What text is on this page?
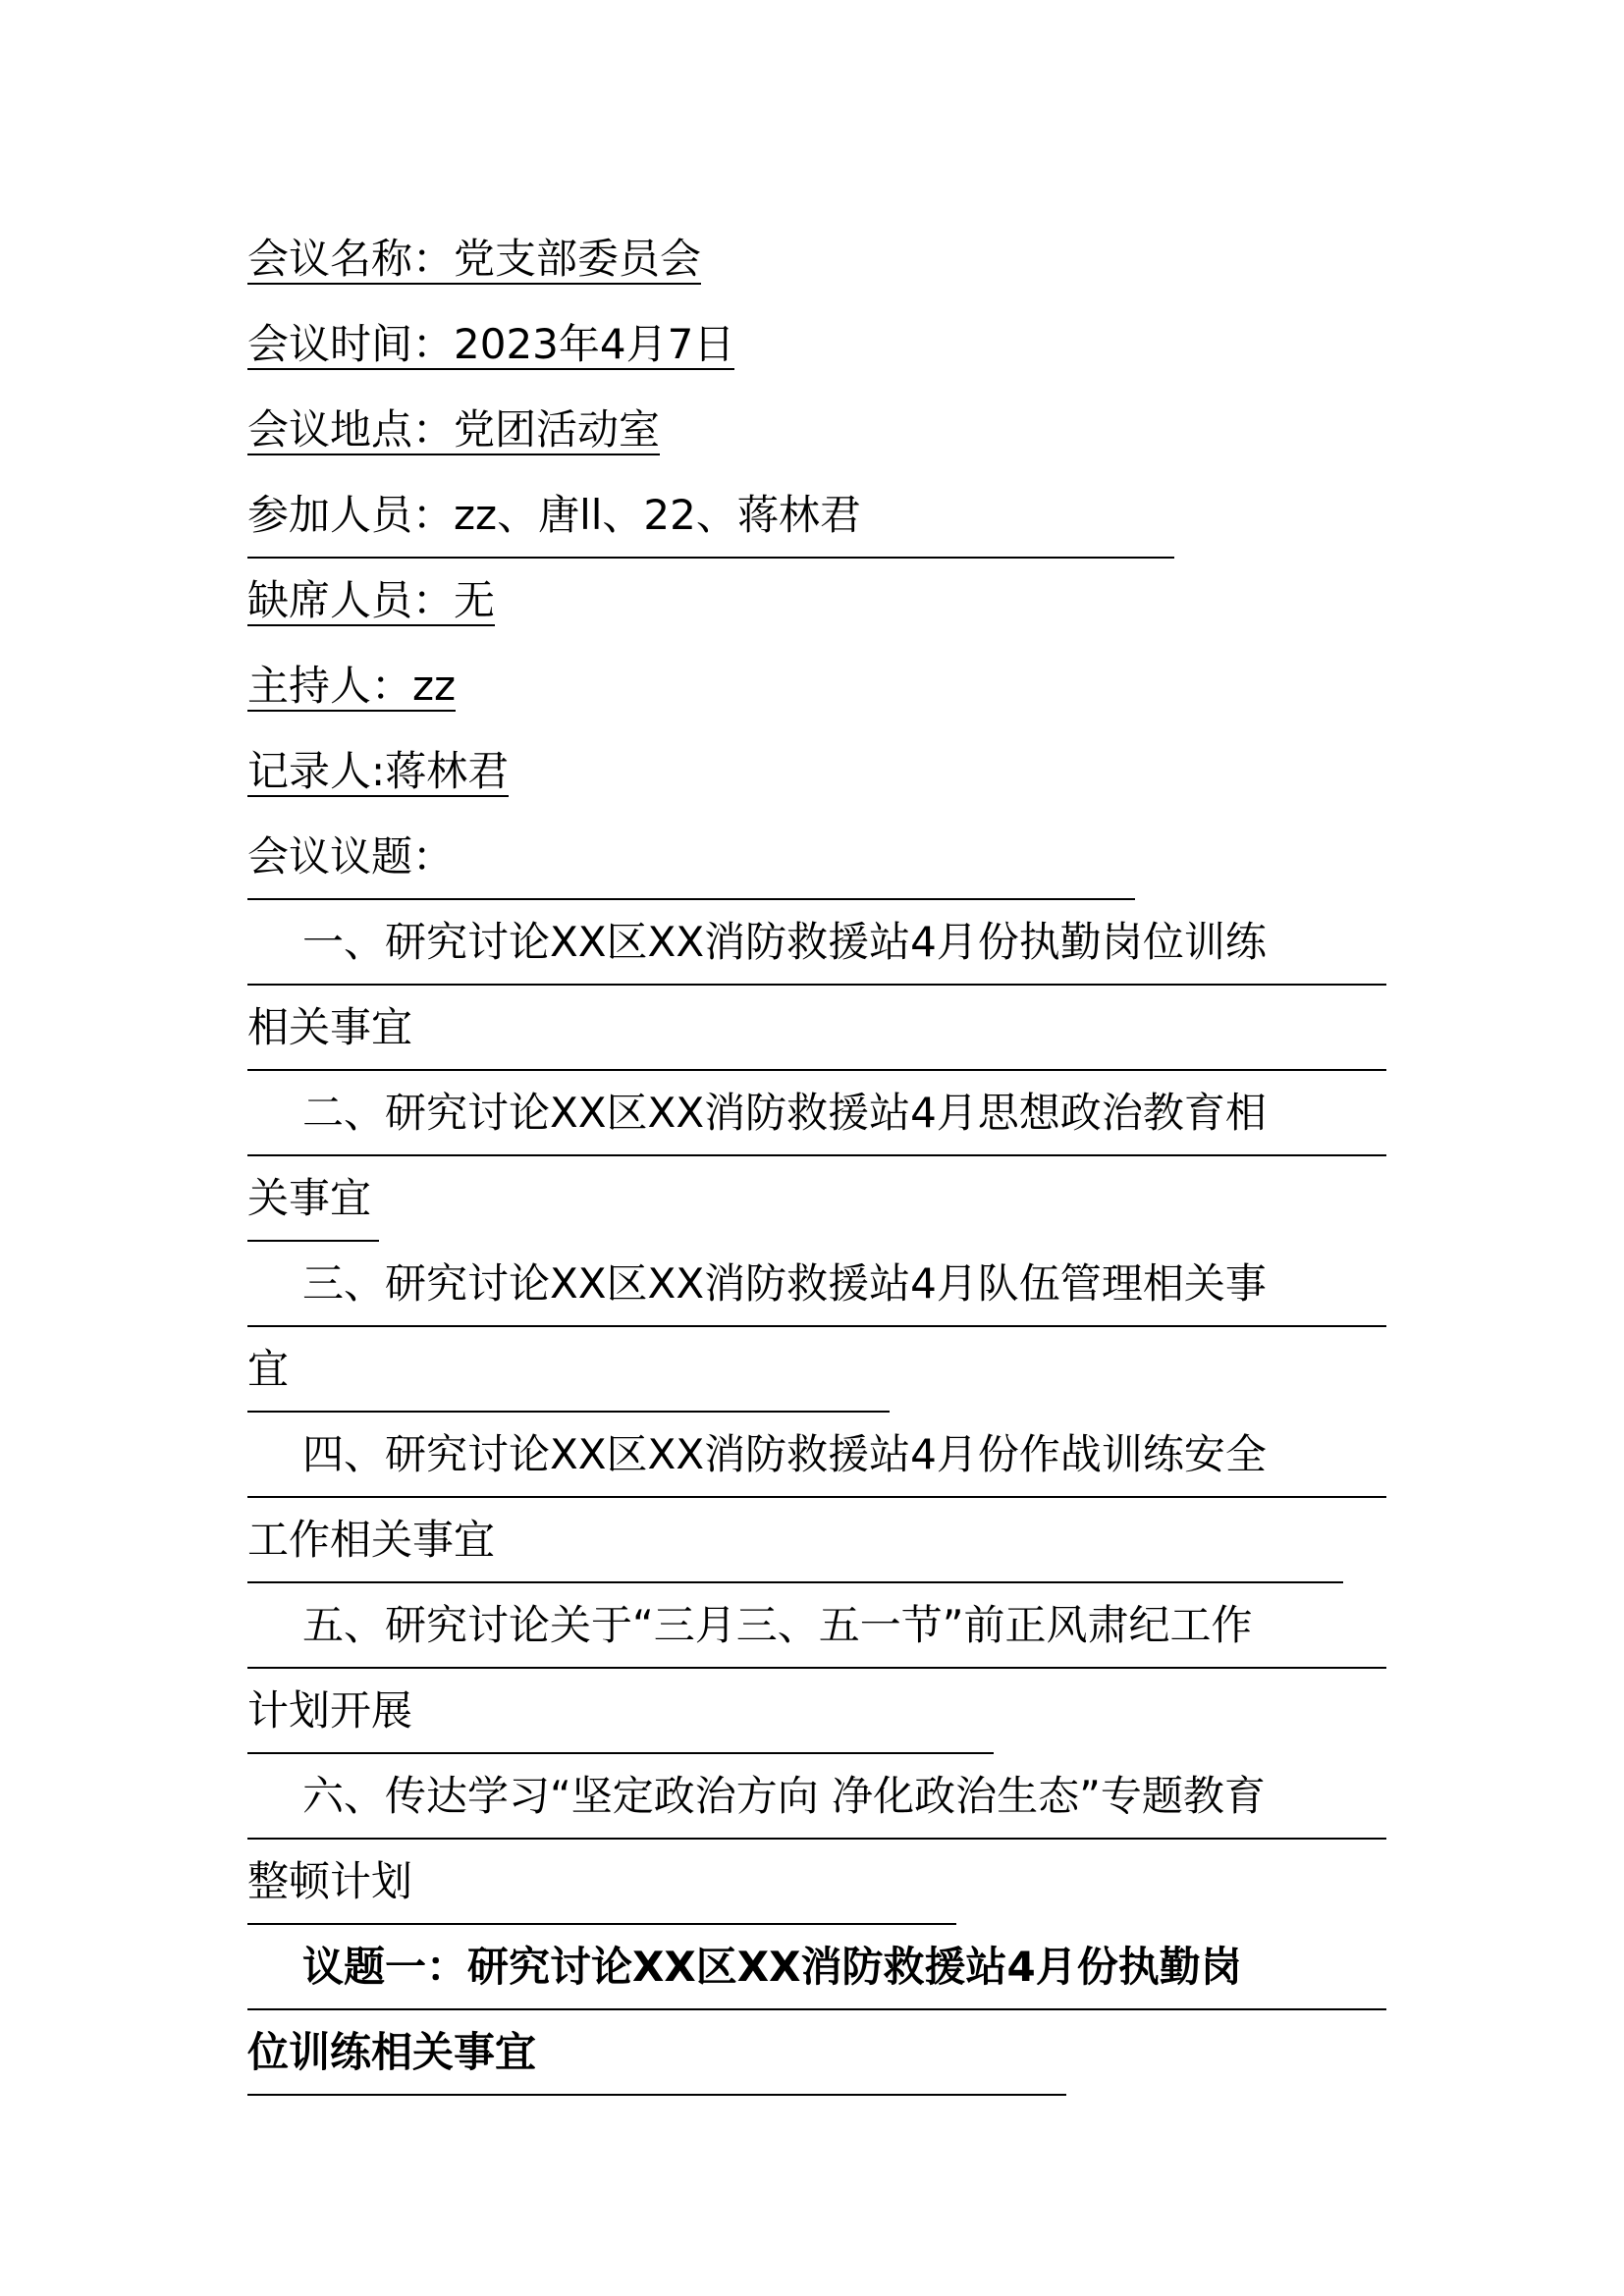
会议名称：党支部委员会
会议时间：2023年4月7日
会议地点：党团活动室
参加人员：zz、唐ll、22、蒋林君
缺席人员：无
主持人：zz
记录人:蒋林君
会议议题：
一、研究讨论XX区XX消防救援站4月份执勤岗位训练
相关事宜
二、研究讨论XX区XX消防救援站4月思想政治教育相
关事宜
三、研究讨论XX区XX消防救援站4月队伍管理相关事
宜
四、研究讨论XX区XX消防救援站4月份作战训练安全
工作相关事宜
五、研究讨论关于“三月三、五一节”前正风肃纪工作
计划开展
六、传达学习“坚定政治方向 净化政治生态”专题教育
整顿计划
议题一：研究讨论XX区XX消防救援站4月份执勤岗
位训练相关事宜
